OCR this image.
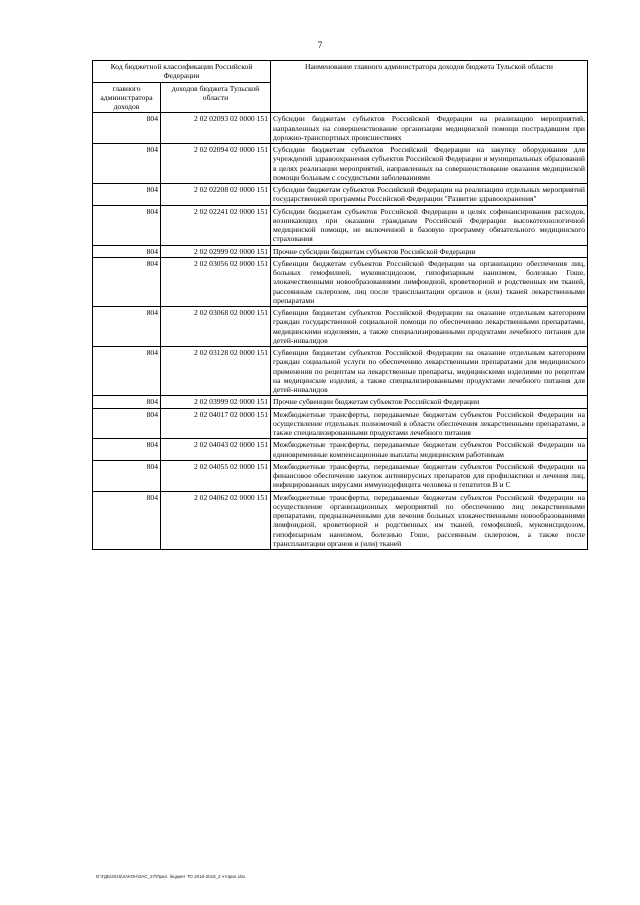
7
Код бюджетной классификации Российской Федерации		Наименование главного администратора доходов бюджета Тульской области
главного администратора доходов	доходов бюджета Тульской области	
804	2 02 02093 02 0000 151	Субсидии бюджетам субъектов Российской Федерации на реализацию мероприятий, направленных на совершенствование организации медицинской помощи пострадавшим при дорожно-транспортных происшествиях
804	2 02 02094 02 0000 151	Субсидии бюджетам субъектов Российской Федерации на закупку оборудования для учреждений здравоохранения субъектов Российской Федерации и муниципальных образований в целях реализации мероприятий, направленных на совершенствование оказания медицинской помощи больным с сосудистыми заболеваниями
804	2 02 02208 02 0000 151	Субсидии бюджетам субъектов Российской Федерации на реализацию отдельных мероприятий государственной программы Российской Федерации "Развитие здравоохранения"
804	2 02 02241 02 0000 151	Субсидии бюджетам субъектов Российской Федерации в целях софинансирования расходов, возникающих при оказании гражданам Российской Федерации высокотехнологичной медицинской помощи, не включенной в базовую программу обязательного медицинского страхования
804	2 02 02999 02 0000 151	Прочие субсидии бюджетам субъектов Российской Федерации
804	2 02 03056 02 0000 151	Субвенции бюджетам субъектов Российской Федерации на организацию обеспечения лиц, больных гемофилией, муковисцидозом, гипофизарным нанизмом, болезнью Гоше, злокачественными новообразованиями лимфоидной, кроветворной и родственных им тканей, рассеянным склерозом, лиц после трансплантации органов и (или) тканей лекарственными препаратами
804	2 02 03068 02 0000 151	Субвенции бюджетам субъектов Российской Федерации на оказание отдельным категориям граждан государственной социальной помощи по обеспечению лекарственными препаратами, медицинскими изделиями, а также специализированными продуктами лечебного питания для детей-инвалидов
804	2 02 03128 02 0000 151	Субвенции бюджетам субъектов Российской Федерации на оказание отдельным категориям граждан социальной услуги по обеспечению лекарственными препаратами для медицинского применения по рецептам на лекарственные препараты, медицинскими изделиями по рецептам на медицинские изделия, а также специализированными продуктами лечебного питания для детей-инвалидов
804	2 02 03999 02 0000 151	Прочие субвенции бюджетам субъектов Российской Федерации
804	2 02 04017 02 0000 151	Межбюджетные трансферты, передаваемые бюджетам субъектов Российской Федерации на осуществление отдельных полномочий в области обеспечения лекарственными препаратами, а также специализированными продуктами лечебного питания
804	2 02 04043 02 0000 151	Межбюджетные трансферты, передаваемые бюджетам субъектов Российской Федерации на единовременные компенсационные выплаты медицинским работникам
804	2 02 04055 02 0000 151	Межбюджетные трансферты, передаваемые бюджетам субъектов Российской Федерации на финансовое обеспечение закупок антивирусных препаратов для профилактики и лечения лиц, инфицированных вирусами иммунодефицита человека и гепатитов В и С
804	2 02 04062 02 0000 151	Межбюджетные трансферты, передаваемые бюджетам субъектов Российской Федерации на осуществление организационных мероприятий по обеспечению лиц лекарственными препаратами, предназначенными для лечения больных злокачественными новообразованиями лимфоидной, кроветворной и родственных им тканей, гемофилией, муковисцидозом, гипофизарным нанизмом, болезнью Гоше, рассеянным склерозом, а также после трансплантации органов и (или) тканей
D:\ГДБ\2016\ЗАКОН\ЗАС_27\Прил. бюджет ТО 2016-2018_2 чтприл.xlsx
